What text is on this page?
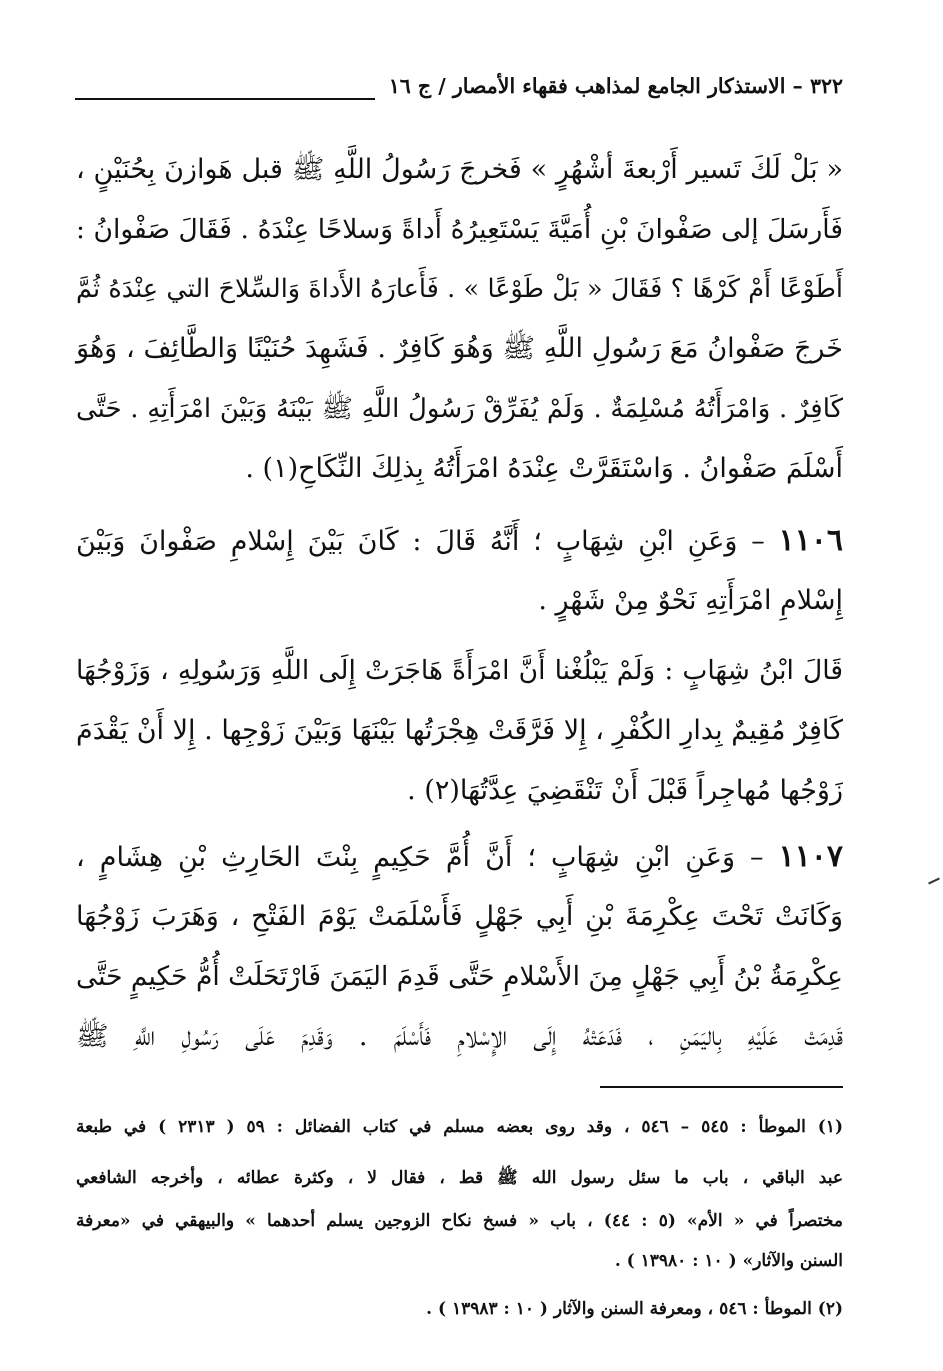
٣٢٢ – الاستذكار الجامع لمذاهب فقهاء الأمصار / ج ١٦
« بَلْ لَكَ تَسير أَرْبعةَ أشْهُرٍ » فَخرجَ رَسُولُ اللَّهِ ﷺ قبل هَوازنَ بِحُنَيْنٍ ،
فَأَرسَلَ إلى صَفْوانَ بْنِ أُمَيَّةَ يَسْتَعِيرُهُ أَداةً وَسلاحًا عِنْدَهُ . فَقَالَ صَفْوانُ :
أَطَوْعًا أَمْ كَرْهًا ؟ فَقَالَ « بَلْ طَوْعًا » . فَأَعارَهُ الأَداةَ وَالسِّلاحَ التي عِنْدَهُ ثُمَّ
خَرجَ صَفْوانُ مَعَ رَسُولِ اللَّهِ ﷺ وَهُوَ كَافِرٌ . فَشَهِدَ حُنَيْنًا وَالطَّائِفَ ، وَهُوَ
كَافِرٌ . وَامْرَأَتُهُ مُسْلِمَةٌ . وَلَمْ يُفَرِّقْ رَسُولُ اللَّهِ ﷺ بَيْنَهُ وَبَيْنَ امْرَأَتِهِ . حَتَّى
أَسْلَمَ صَفْوانُ . وَاسْتَقَرَّتْ عِنْدَهُ امْرَأَتُهُ بِذلِكَ النِّكَاحِ(١) .
١١٠٦ – وَعَنِ ابْنِ شِهَابٍ ؛ أَنَّهُ قَالَ : كَانَ بَيْنَ إِسْلامِ صَفْوانَ وَبَيْنَ
إِسْلامِ امْرَأَتِهِ نَحْوٌ مِنْ شَهْرٍ .
قَالَ ابْنُ شِهَابٍ : وَلَمْ يَبْلُغْنا أَنَّ امْرَأَةً هَاجَرَتْ إِلَى اللَّهِ وَرَسُولِهِ ، وَزَوْجُهَا
كَافِرٌ مُقِيمٌ بِدارِ الكُفْرِ ، إِلا فَرَّقَتْ هِجْرَتُها بَيْنَهَا وَبَيْنَ زَوْجِها . إِلا أَنْ يَقْدَمَ
زَوْجُها مُهاجِراً قَبْلَ أَنْ تَنْقَضِيَ عِدَّتُهَا(٢) .
١١٠٧ – وَعَنِ ابْنِ شِهَابٍ ؛ أَنَّ أُمَّ حَكِيمٍ بِنْتَ الحَارِثِ بْنِ هِشَامٍ ،
وَكَانَتْ تَحْتَ عِكْرِمَةَ بْنِ أَبِي جَهْلٍ فَأَسْلَمَتْ يَوْمَ الفَتْحِ ، وَهَرَبَ زَوْجُهَا
عِكْرِمَةُ بْنُ أَبِي جَهْلٍ مِنَ الأَسْلامِ حَتَّى قَدِمَ اليَمَنَ فَارْتَحَلَتْ أُمُّ حَكِيمٍ حَتَّى
قَدِمَتْ عَلَيْهِ بِاليَمَنِ ، فَدَعَتْهُ إِلَى الإِسْلامِ فَأَسْلَمَ . وَقَدِمَ عَلَى رَسُولِ اللَّهِ ﷺ
(١) الموطأ : ٥٤٥ – ٥٤٦ ، وقد روى بعضه مسلم في كتاب الفضائل : ٥٩ ( ٢٣١٣ ) في طبعة
عبد الباقي ، باب ما سئل رسول الله ﷺ قط ، فقال لا ، وكثرة عطائه ، وأخرجه الشافعي
مختصراً في « الأم» (٥ : ٤٤) ، باب « فسخ نكاح الزوجين يسلم أحدهما » والبيهقي في «معرفة
السنن والآثار» ( ١٠ : ١٣٩٨٠ ) .
(٢) الموطأ : ٥٤٦ ، ومعرفة السنن والآثار ( ١٠ : ١٣٩٨٣ ) .
